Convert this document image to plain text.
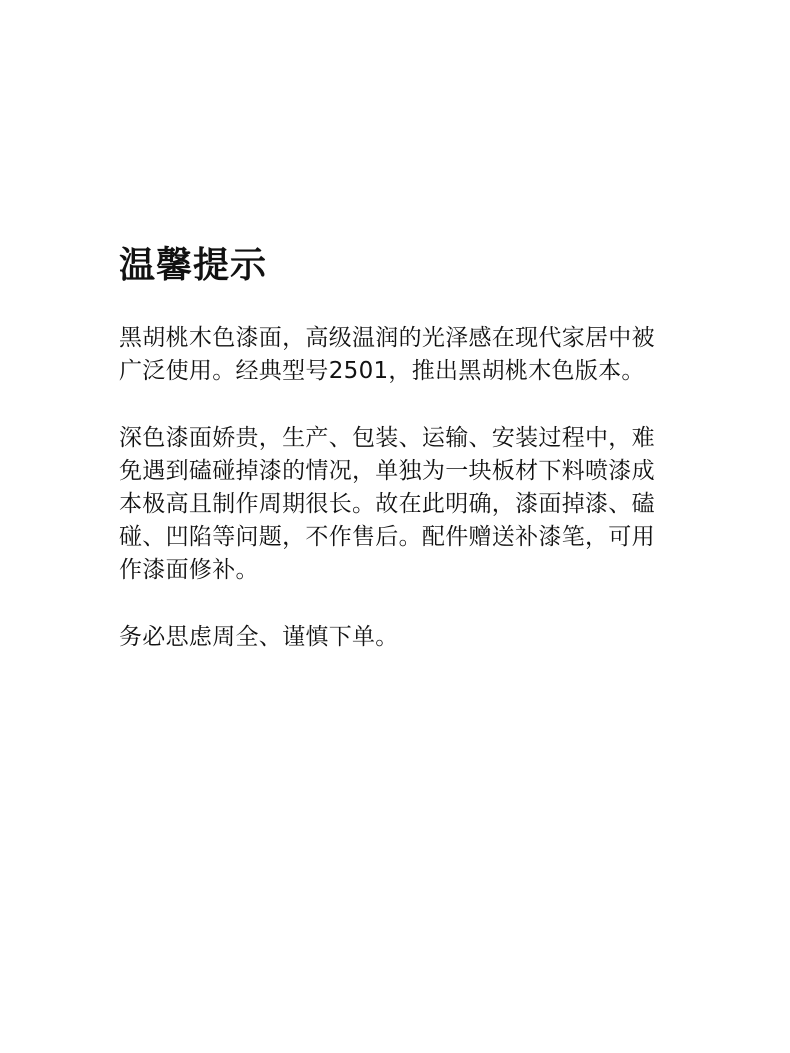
温馨提示

黑胡桃木色漆面，高级温润的光泽感在现代家居中被
广泛使用。经典型号2501，推出黑胡桃木色版本。

深色漆面娇贵，生产、包装、运输、安装过程中，难
免遇到磕碰掉漆的情况，单独为一块板材下料喷漆成
本极高且制作周期很长。故在此明确，漆面掉漆、磕
碰、凹陷等问题，不作售后。配件赠送补漆笔，可用
作漆面修补。

务必思虑周全、谨慎下单。
